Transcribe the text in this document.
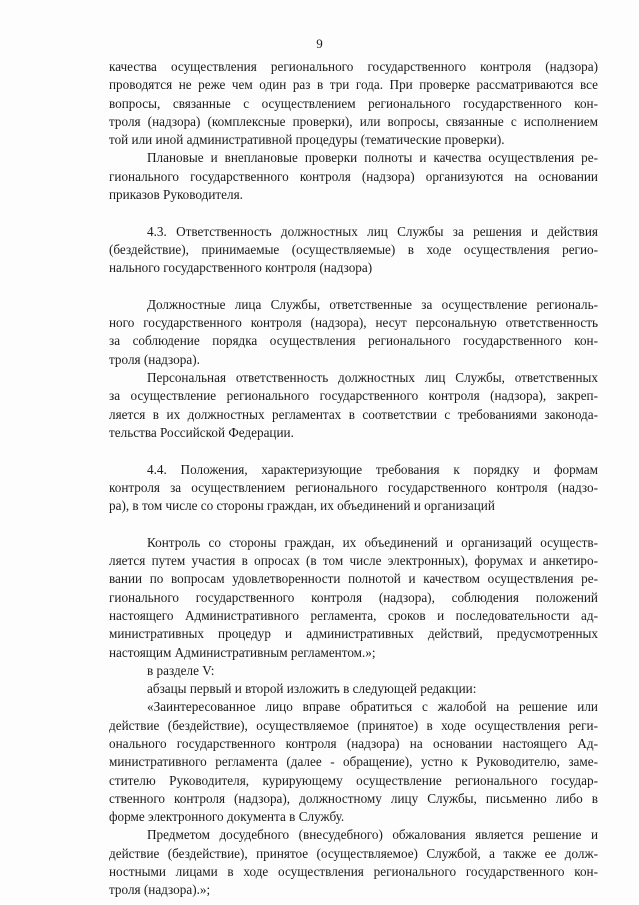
9
качества осуществления регионального государственного контроля (надзора)
проводятся не реже чем один раз в три года. При проверке рассматриваются все
вопросы, связанные с осуществлением регионального государственного кон-
троля (надзора) (комплексные проверки), или вопросы, связанные с исполнением
той или иной административной процедуры (тематические проверки).
Плановые и внеплановые проверки полноты и качества осуществления ре-
гионального государственного контроля (надзора) организуются на основании
приказов Руководителя.
4.3. Ответственность должностных лиц Службы за решения и действия
(бездействие), принимаемые (осуществляемые) в ходе осуществления регио-
нального государственного контроля (надзора)
Должностные лица Службы, ответственные за осуществление региональ-
ного государственного контроля (надзора), несут персональную ответственность
за соблюдение порядка осуществления регионального государственного кон-
троля (надзора).
Персональная ответственность должностных лиц Службы, ответственных
за осуществление регионального государственного контроля (надзора), закреп-
ляется в их должностных регламентах в соответствии с требованиями законода-
тельства Российской Федерации.
4.4. Положения, характеризующие требования к порядку и формам
контроля за осуществлением регионального государственного контроля (надзо-
ра), в том числе со стороны граждан, их объединений и организаций
Контроль со стороны граждан, их объединений и организаций осуществ-
ляется путем участия в опросах (в том числе электронных), форумах и анкетиро-
вании по вопросам удовлетворенности полнотой и качеством осуществления ре-
гионального государственного контроля (надзора), соблюдения положений
настоящего Административного регламента, сроков и последовательности ад-
министративных процедур и административных действий, предусмотренных
настоящим Административным регламентом.»;
в разделе V:
абзацы первый и второй изложить в следующей редакции:
«Заинтересованное лицо вправе обратиться с жалобой на решение или
действие (бездействие), осуществляемое (принятое) в ходе осуществления реги-
онального государственного контроля (надзора) на основании настоящего Ад-
министративного регламента (далее - обращение), устно к Руководителю, замe-
стителю Руководителя, курирующему осуществление регионального государ-
ственного контроля (надзора), должностному лицу Службы, письменно либо в
форме электронного документа в Службу.
Предметом досудебного (внесудебного) обжалования является решение и
действие (бездействие), принятое (осуществляемое) Службой, а также ее долж-
ностными лицами в ходе осуществления регионального государственного кон-
троля (надзора).»;
